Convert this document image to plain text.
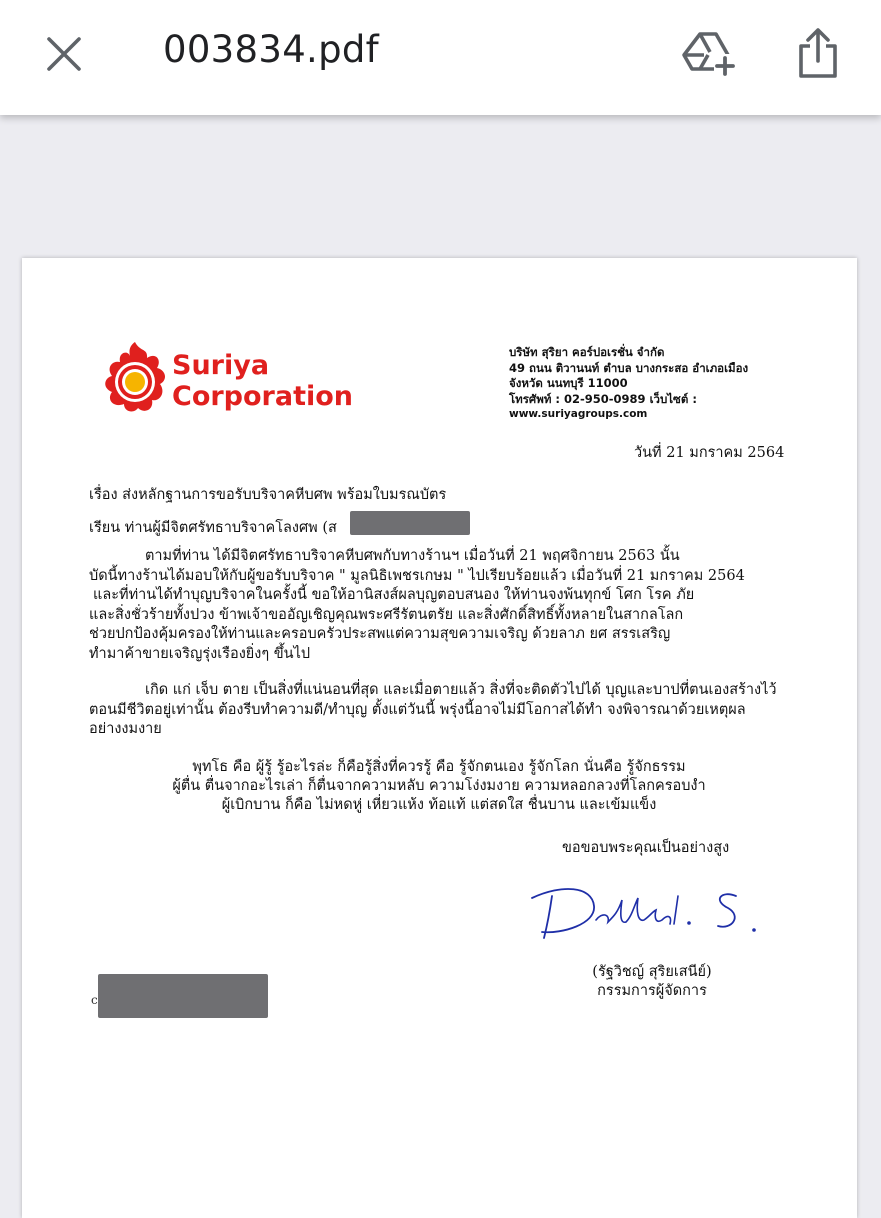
003834.pdf
Suriya
Corporation
บริษัท สุริยา คอร์ปอเรชั่น จำกัด
49 ถนน ติวานนท์ ตำบล บางกระสอ อำเภอเมือง
จังหวัด นนทบุรี 11000
โทรศัพท์ : 02-950-0989 เว็บไซต์ :
www.suriyagroups.com
วันที่ 21 มกราคม 2564
เรื่อง ส่งหลักฐานการขอรับบริจาคหีบศพ พร้อมใบมรณบัตร
เรียน ท่านผู้มีจิตศรัทธาบริจาคโลงศพ (ส
ตามที่ท่าน ได้มีจิตศรัทธาบริจาคหีบศพกับทางร้านฯ เมื่อวันที่ 21 พฤศจิกายน 2563 นั้น
บัดนี้ทางร้านได้มอบให้กับผู้ขอรับบริจาค " มูลนิธิเพชรเกษม " ไปเรียบร้อยแล้ว เมื่อวันที่ 21 มกราคม 2564
และที่ท่านได้ทำบุญบริจาคในครั้งนี้ ขอให้อานิสงส์ผลบุญตอบสนอง ให้ท่านจงพ้นทุกข์ โศก โรค ภัย
และสิ่งชั่วร้ายทั้งปวง ข้าพเจ้าขออัญเชิญคุณพระศรีรัตนตรัย และสิ่งศักดิ์สิทธิ์ทั้งหลายในสากลโลก
ช่วยปกป้องคุ้มครองให้ท่านและครอบครัวประสพแต่ความสุขความเจริญ ด้วยลาภ ยศ สรรเสริญ
ทำมาค้าขายเจริญรุ่งเรืองยิ่งๆ ขึ้นไป
เกิด แก่ เจ็บ ตาย เป็นสิ่งที่แน่นอนที่สุด และเมื่อตายแล้ว สิ่งที่จะติดตัวไปได้ บุญและบาปที่ตนเองสร้างไว้
ตอนมีชีวิตอยู่เท่านั้น ต้องรีบทำความดี/ทำบุญ ตั้งแต่วันนี้ พรุ่งนี้อาจไม่มีโอกาสได้ทำ จงพิจารณาด้วยเหตุผล
อย่างงมงาย
พุทโธ คือ ผู้รู้ รู้อะไรล่ะ ก็คือรู้สิ่งที่ควรรู้ คือ รู้จักตนเอง รู้จักโลก นั่นคือ รู้จักธรรม
ผู้ตื่น ตื่นจากอะไรเล่า ก็ตื่นจากความหลับ ความโง่งมงาย ความหลอกลวงที่โลกครอบงำ
ผู้เบิกบาน ก็คือ ไม่หดหู่ เหี่ยวแห้ง ท้อแท้ แต่สดใส ชื่นบาน และเข้มแข็ง
ขอขอบพระคุณเป็นอย่างสูง
(รัฐวิชญ์ สุริยเสนีย์)
กรรมการผู้จัดการ
c
